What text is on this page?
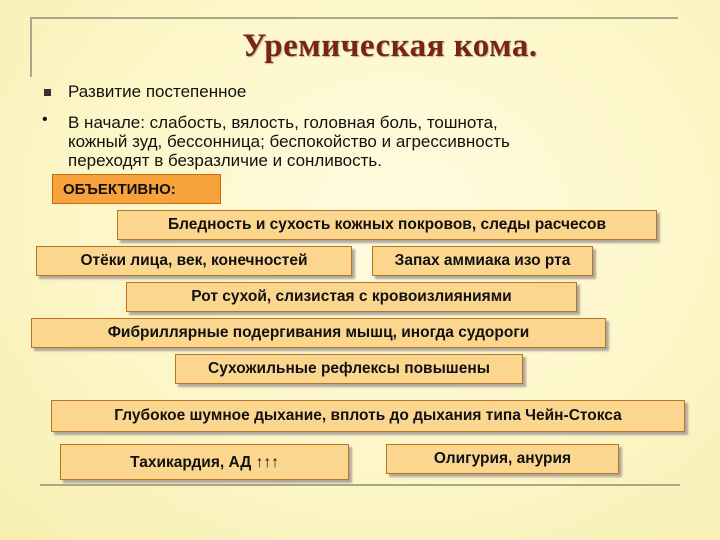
Уремическая кома.
Развитие постепенное
• В начале: слабость, вялость, головная боль, тошнота,
кожный зуд, бессонница; беспокойство и агрессивность
переходят в безразличие и сонливость.
ОБЪЕКТИВНО:
Бледность и сухость кожных покровов, следы расчесов
Отёки лица, век, конечностей	Запах аммиака изо рта
Рот сухой, слизистая с кровоизлияниями
Фибриллярные подергивания мышц, иногда судороги
Сухожильные рефлексы повышены
Глубокое шумное дыхание, вплоть до дыхания типа Чейн-Стокса
Тахикардия, АД ↑↑↑	Олигурия, анурия
